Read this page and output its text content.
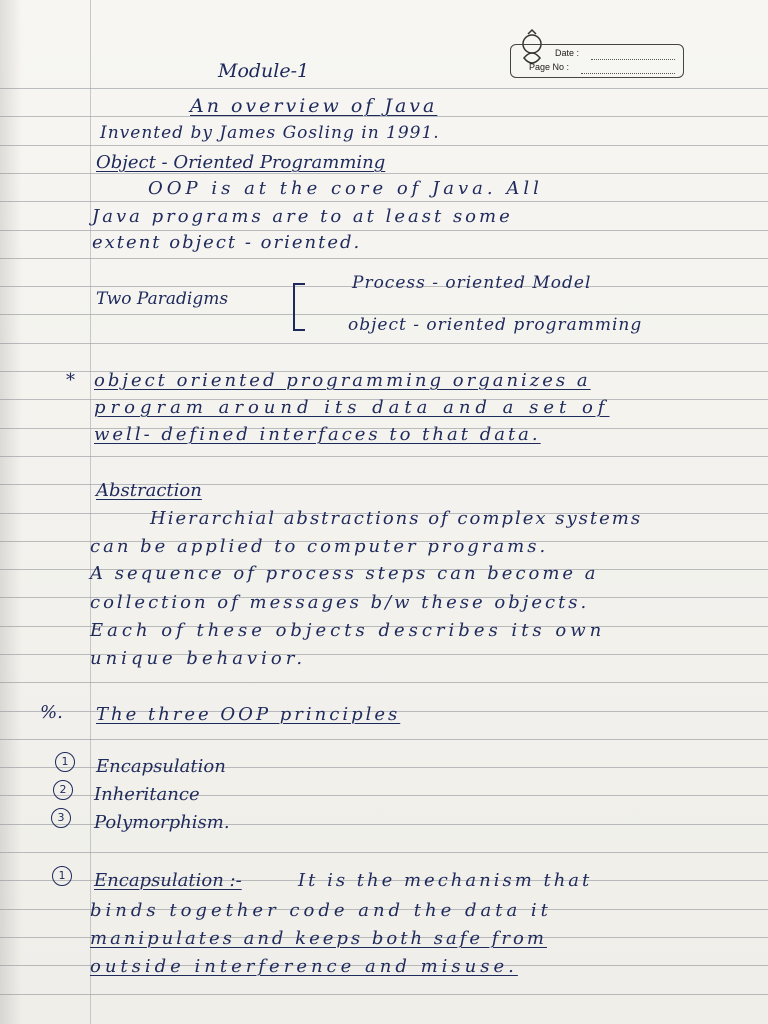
Date :
Page No :
Module-1
An overview of Java
Invented by James Gosling in 1991.
Object - Oriented Programming
OOP is at the core of Java. All
Java programs are to at least some
extent object - oriented.
Two Paradigms
Process - oriented Model
object - oriented programming
* object oriented programming organizes a
program around its data and a set of
well- defined interfaces to that data.
Abstraction
Hierarchial abstractions of complex systems
can be applied to computer programs.
A sequence of process steps can become a
collection of messages b/w these objects.
Each of these objects describes its own
unique behavior.
%. The three OOP principles
1	Encapsulation
2	Inheritance
3	Polymorphism.
1	Encapsulation :-	It is the mechanism that
binds together code and the data it
manipulates and keeps both safe from
outside interference and misuse.
